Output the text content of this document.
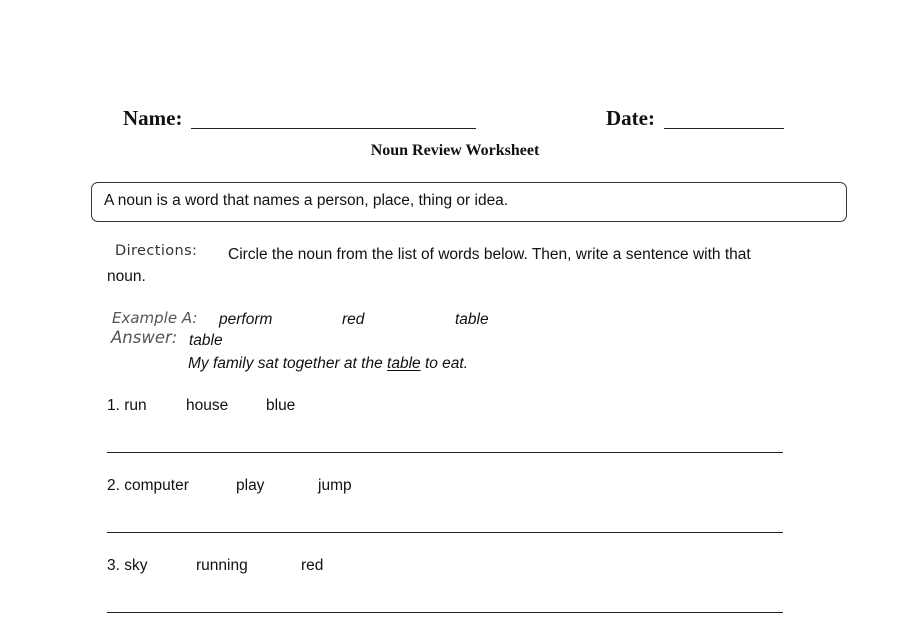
Name:	Date:
Noun Review Worksheet
A noun is a word that names a person, place, thing or idea.
Directions: Circle the noun from the list of words below. Then, write a sentence with that
noun.
Example A: perform	red	table
Answer: table
My family sat together at the table to eat.
1. run	house blue
2. computer	play	jump
3. sky	running	red
